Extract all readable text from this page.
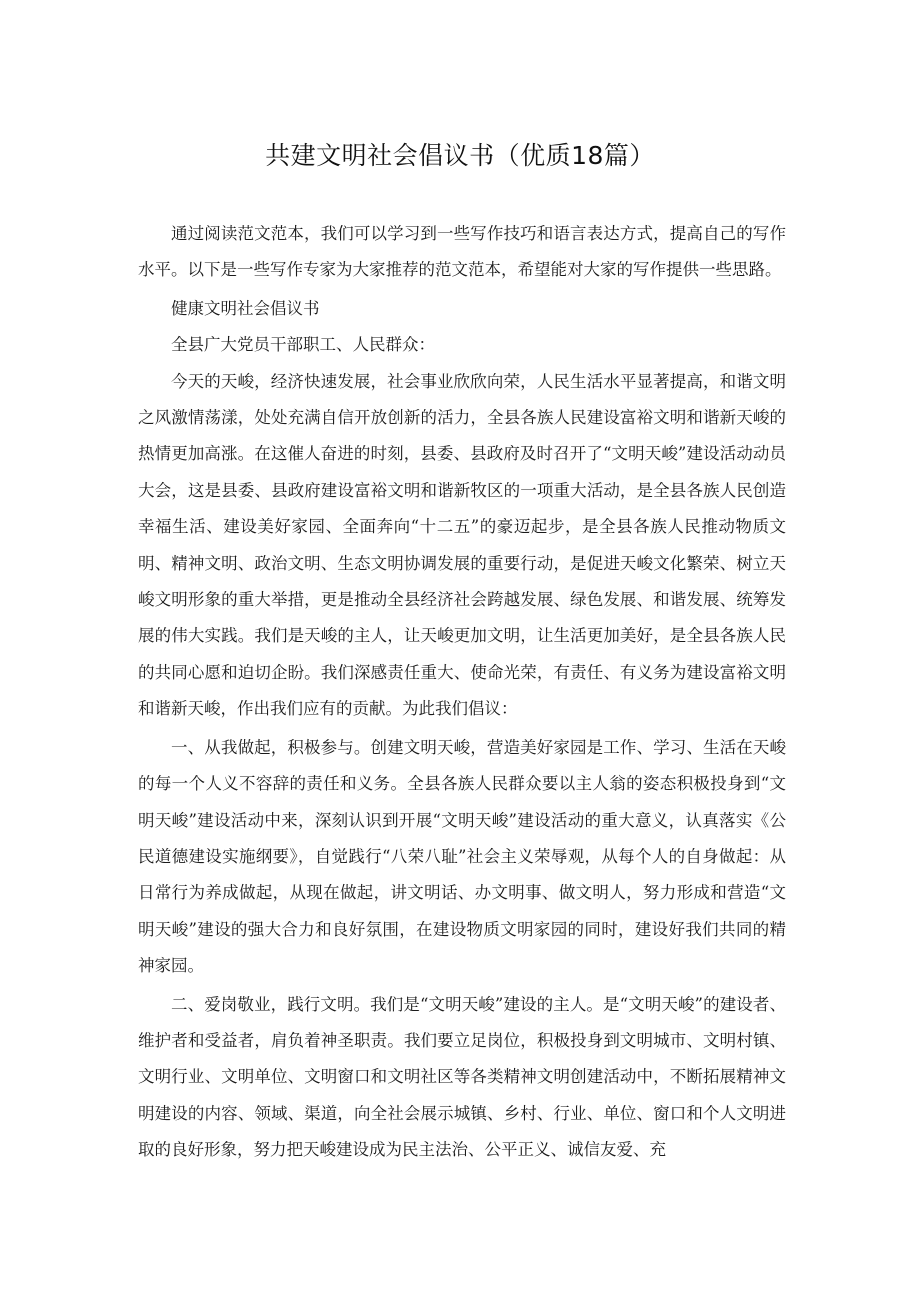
共建文明社会倡议书（优质18篇）

通过阅读范文范本，我们可以学习到一些写作技巧和语言表达方式，提高自己的写作水平。以下是一些写作专家为大家推荐的范文范本，希望能对大家的写作提供一些思路。

健康文明社会倡议书

全县广大党员干部职工、人民群众：

今天的天峻，经济快速发展，社会事业欣欣向荣，人民生活水平显著提高，和谐文明之风激情荡漾，处处充满自信开放创新的活力，全县各族人民建设富裕文明和谐新天峻的热情更加高涨。在这催人奋进的时刻，县委、县政府及时召开了“文明天峻”建设活动动员大会，这是县委、县政府建设富裕文明和谐新牧区的一项重大活动，是全县各族人民创造幸福生活、建设美好家园、全面奔向“十二五”的豪迈起步，是全县各族人民推动物质文明、精神文明、政治文明、生态文明协调发展的重要行动，是促进天峻文化繁荣、树立天峻文明形象的重大举措，更是推动全县经济社会跨越发展、绿色发展、和谐发展、统筹发展的伟大实践。我们是天峻的主人，让天峻更加文明，让生活更加美好，是全县各族人民的共同心愿和迫切企盼。我们深感责任重大、使命光荣，有责任、有义务为建设富裕文明和谐新天峻，作出我们应有的贡献。为此我们倡议：

一、从我做起，积极参与。创建文明天峻，营造美好家园是工作、学习、生活在天峻的每一个人义不容辞的责任和义务。全县各族人民群众要以主人翁的姿态积极投身到“文明天峻”建设活动中来，深刻认识到开展“文明天峻”建设活动的重大意义，认真落实《公民道德建设实施纲要》，自觉践行“八荣八耻”社会主义荣辱观，从每个人的自身做起：从日常行为养成做起，从现在做起，讲文明话、办文明事、做文明人，努力形成和营造“文明天峻”建设的强大合力和良好氛围，在建设物质文明家园的同时，建设好我们共同的精神家园。

二、爱岗敬业，践行文明。我们是“文明天峻”建设的主人。是“文明天峻”的建设者、维护者和受益者，肩负着神圣职责。我们要立足岗位，积极投身到文明城市、文明村镇、文明行业、文明单位、文明窗口和文明社区等各类精神文明创建活动中，不断拓展精神文明建设的内容、领域、渠道，向全社会展示城镇、乡村、行业、单位、窗口和个人文明进取的良好形象，努力把天峻建设成为民主法治、公平正义、诚信友爱、充
